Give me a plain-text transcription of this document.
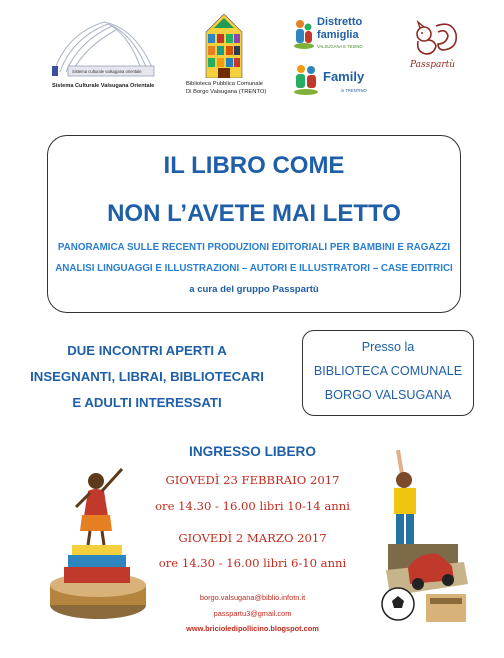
Sistema culturale valsugana orientale
Sistema Culturale Valsugana Orientale	Biblioteca Pubblica Comunale
Di Borgo Valsugana (TRENTO)
Distretto
famiglia
VALSUGANA E TESINO
Family
in TRENTINO
Passpartù
IL LIBRO COME
NON L’AVETE MAI LETTO
PANORAMICA SULLE RECENTI PRODUZIONI EDITORIALI PER BAMBINI E RAGAZZI
ANALISI LINGUAGGI E ILLUSTRAZIONI – AUTORI E ILLUSTRATORI – CASE EDITRICI
a cura del gruppo Passpartù
DUE INCONTRI APERTI A
INSEGNANTI, LIBRAI, BIBLIOTECARI
E ADULTI INTERESSATI
Presso la
BIBLIOTECA COMUNALE
BORGO VALSUGANA
INGRESSO LIBERO
GIOVEDÌ 23 FEBBRAIO 2017
ore 14.30 - 16.00 libri 10-14 anni
GIOVEDÌ 2 MARZO 2017
ore 14.30 - 16.00 libri 6-10 anni
borgo.valsugana@biblio.infotn.it
passpartu3@gmail.com
www.bricioledipollicino.blogspot.com
